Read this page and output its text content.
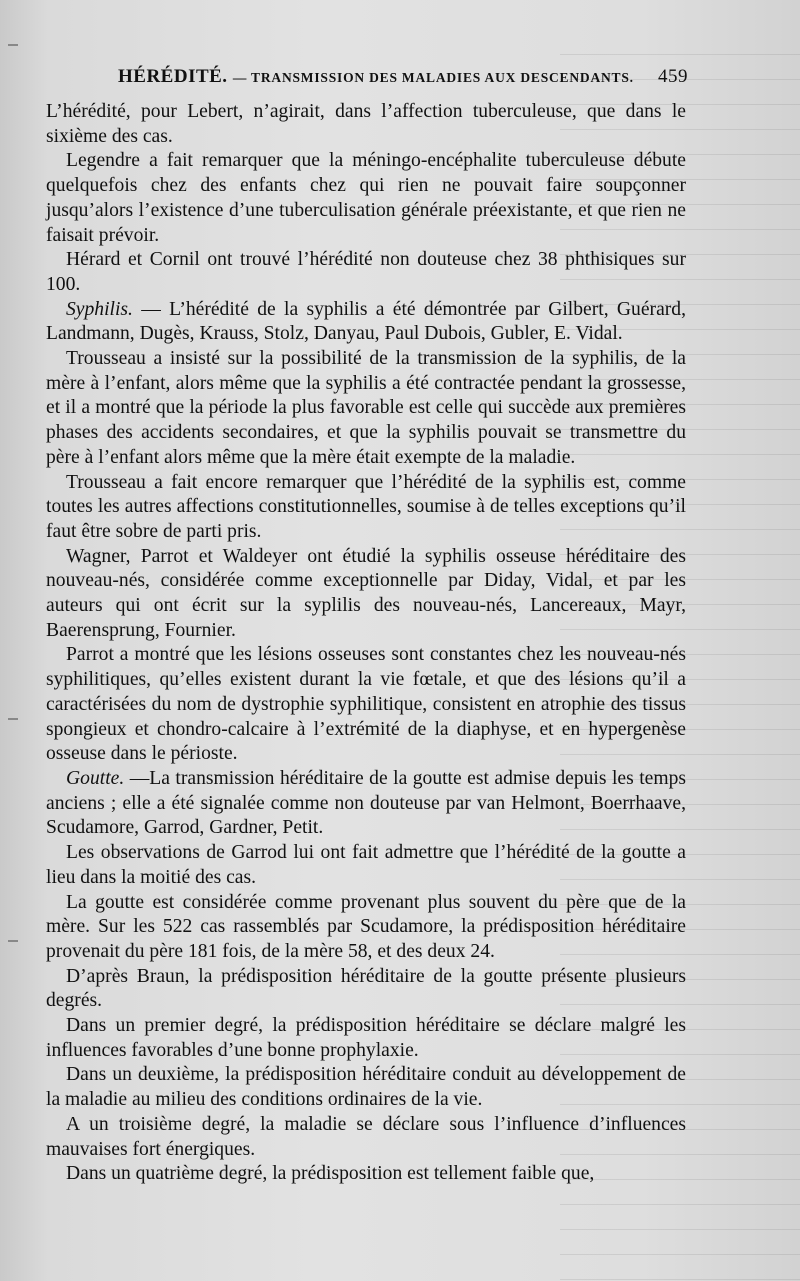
HÉRÉDITÉ. — TRANSMISSION DES MALADIES AUX DESCENDANTS. 459

L’hérédité, pour Lebert, n’agirait, dans l’affection tuberculeuse, que dans le sixième des cas.

Legendre a fait remarquer que la méningo-encéphalite tuberculeuse débute quelquefois chez des enfants chez qui rien ne pouvait faire soupçonner jusqu’alors l’existence d’une tuberculisation générale préexistante, et que rien ne faisait prévoir.

Hérard et Cornil ont trouvé l’hérédité non douteuse chez 38 phthisiques sur 100.

Syphilis. — L’hérédité de la syphilis a été démontrée par Gilbert, Guérard, Landmann, Dugès, Krauss, Stolz, Danyau, Paul Dubois, Gubler, E. Vidal.

Trousseau a insisté sur la possibilité de la transmission de la syphilis, de la mère à l’enfant, alors même que la syphilis a été contractée pendant la grossesse, et il a montré que la période la plus favorable est celle qui succède aux premières phases des accidents secondaires, et que la syphilis pouvait se transmettre du père à l’enfant alors même que la mère était exempte de la maladie.

Trousseau a fait encore remarquer que l’hérédité de la syphilis est, comme toutes les autres affections constitutionnelles, soumise à de telles exceptions qu’il faut être sobre de parti pris.

Wagner, Parrot et Waldeyer ont étudié la syphilis osseuse héréditaire des nouveau-nés, considérée comme exceptionnelle par Diday, Vidal, et par les auteurs qui ont écrit sur la syplilis des nouveau-nés, Lancereaux, Mayr, Baerensprung, Fournier.

Parrot a montré que les lésions osseuses sont constantes chez les nouveau-nés syphilitiques, qu’elles existent durant la vie fœtale, et que des lésions qu’il a caractérisées du nom de dystrophie syphilitique, consistent en atrophie des tissus spongieux et chondro-calcaire à l’extrémité de la diaphyse, et en hypergenèse osseuse dans le périoste.

Goutte. —La transmission héréditaire de la goutte est admise depuis les temps anciens ; elle a été signalée comme non douteuse par van Helmont, Boerrhaave, Scudamore, Garrod, Gardner, Petit.

Les observations de Garrod lui ont fait admettre que l’hérédité de la goutte a lieu dans la moitié des cas.

La goutte est considérée comme provenant plus souvent du père que de la mère. Sur les 522 cas rassemblés par Scudamore, la prédisposition héréditaire provenait du père 181 fois, de la mère 58, et des deux 24.

D’après Braun, la prédisposition héréditaire de la goutte présente plusieurs degrés.

Dans un premier degré, la prédisposition héréditaire se déclare malgré les influences favorables d’une bonne prophylaxie.

Dans un deuxième, la prédisposition héréditaire conduit au développement de la maladie au milieu des conditions ordinaires de la vie.

A un troisième degré, la maladie se déclare sous l’influence d’influences mauvaises fort énergiques.

Dans un quatrième degré, la prédisposition est tellement faible que,
